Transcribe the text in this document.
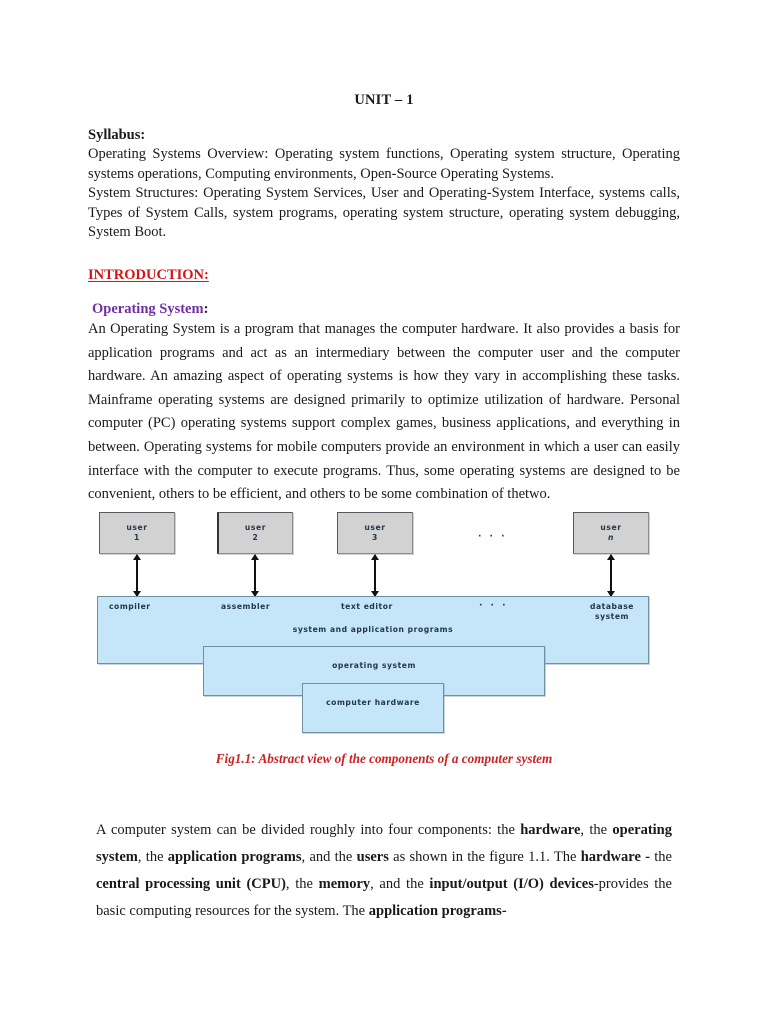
UNIT – 1
Syllabus:

Operating Systems Overview: Operating system functions, Operating system structure, Operating systems operations, Computing environments, Open-Source Operating Systems.

System Structures: Operating System Services, User and Operating-System Interface, systems calls, Types of System Calls, system programs, operating system structure, operating system debugging, System Boot.

INTRODUCTION:
Operating System:

An Operating System is a program that manages the computer hardware. It also provides a basis for application programs and act as an intermediary between the computer user and the computer hardware. An amazing aspect of operating systems is how they vary in accomplishing these tasks. Mainframe operating systems are designed primarily to optimize utilization of hardware. Personal computer (PC) operating systems support complex games, business applications, and everything in between. Operating systems for mobile computers provide an environment in which a user can easily interface with the computer to execute programs. Thus, some operating systems are designed to be convenient, others to be efficient, and others to be some combination of thetwo.

user
1
user
2
user
3	· · ·
user
n
compiler	assembler	text editor	· · ·	database system
system and application programs
operating system
computer hardware
Fig1.1: Abstract view of the components of a computer system

A computer system can be divided roughly into four components: the hardware, the operating system, the application programs, and the users as shown in the figure 1.1. The hardware - the central processing unit (CPU), the memory, and the input/output (I/O) devices-provides the basic computing resources for the system. The application programs-
